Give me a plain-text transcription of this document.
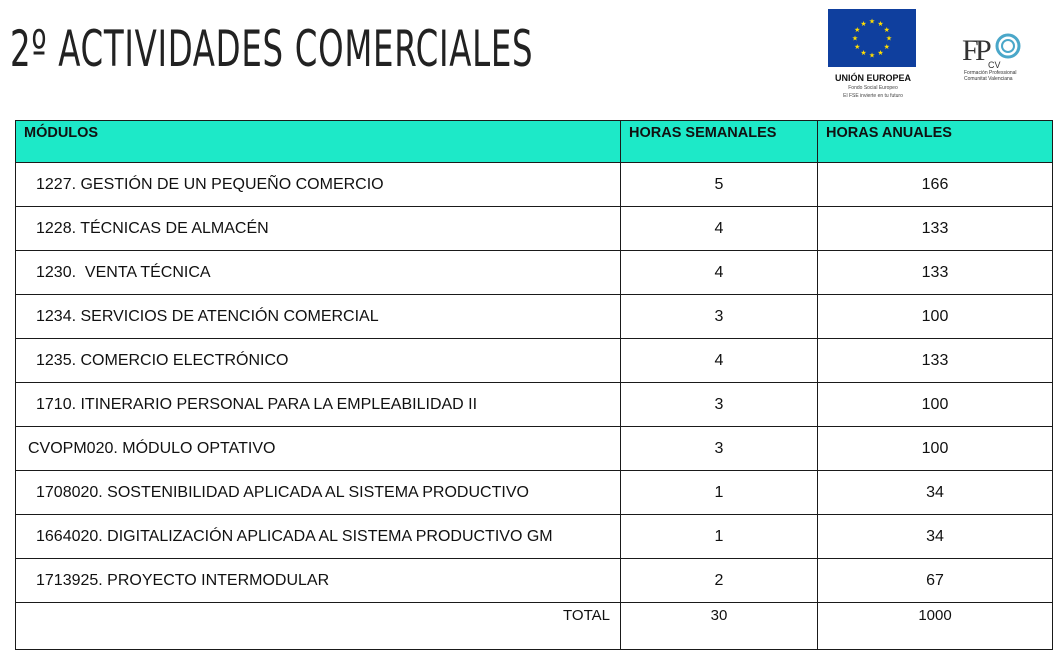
2º ACTIVIDADES COMERCIALES	★ ★
★
★
★
★
★
★
★
★
★
★
UNIÓN EUROPEA
Fondo Social Europeo
El FSE invierte en tu futuro
F
P
CV
Formación Professional Comunitat Valenciana
MÓDULOS	HORAS SEMANALES	HORAS ANUALES
1227. GESTIÓN DE UN PEQUEÑO COMERCIO	5	166
1228. TÉCNICAS DE ALMACÉN	4	133
1230.  VENTA TÉCNICA	4	133
1234. SERVICIOS DE ATENCIÓN COMERCIAL	3	100
1235. COMERCIO ELECTRÓNICO	4	133
1710. ITINERARIO PERSONAL PARA LA EMPLEABILIDAD II	3	100
CVOPM020. MÓDULO OPTATIVO	3	100
1708020. SOSTENIBILIDAD APLICADA AL SISTEMA PRODUCTIVO	1	34
1664020. DIGITALIZACIÓN APLICADA AL SISTEMA PRODUCTIVO GM	1	34
1713925. PROYECTO INTERMODULAR	2	67
TOTAL	30	1000
